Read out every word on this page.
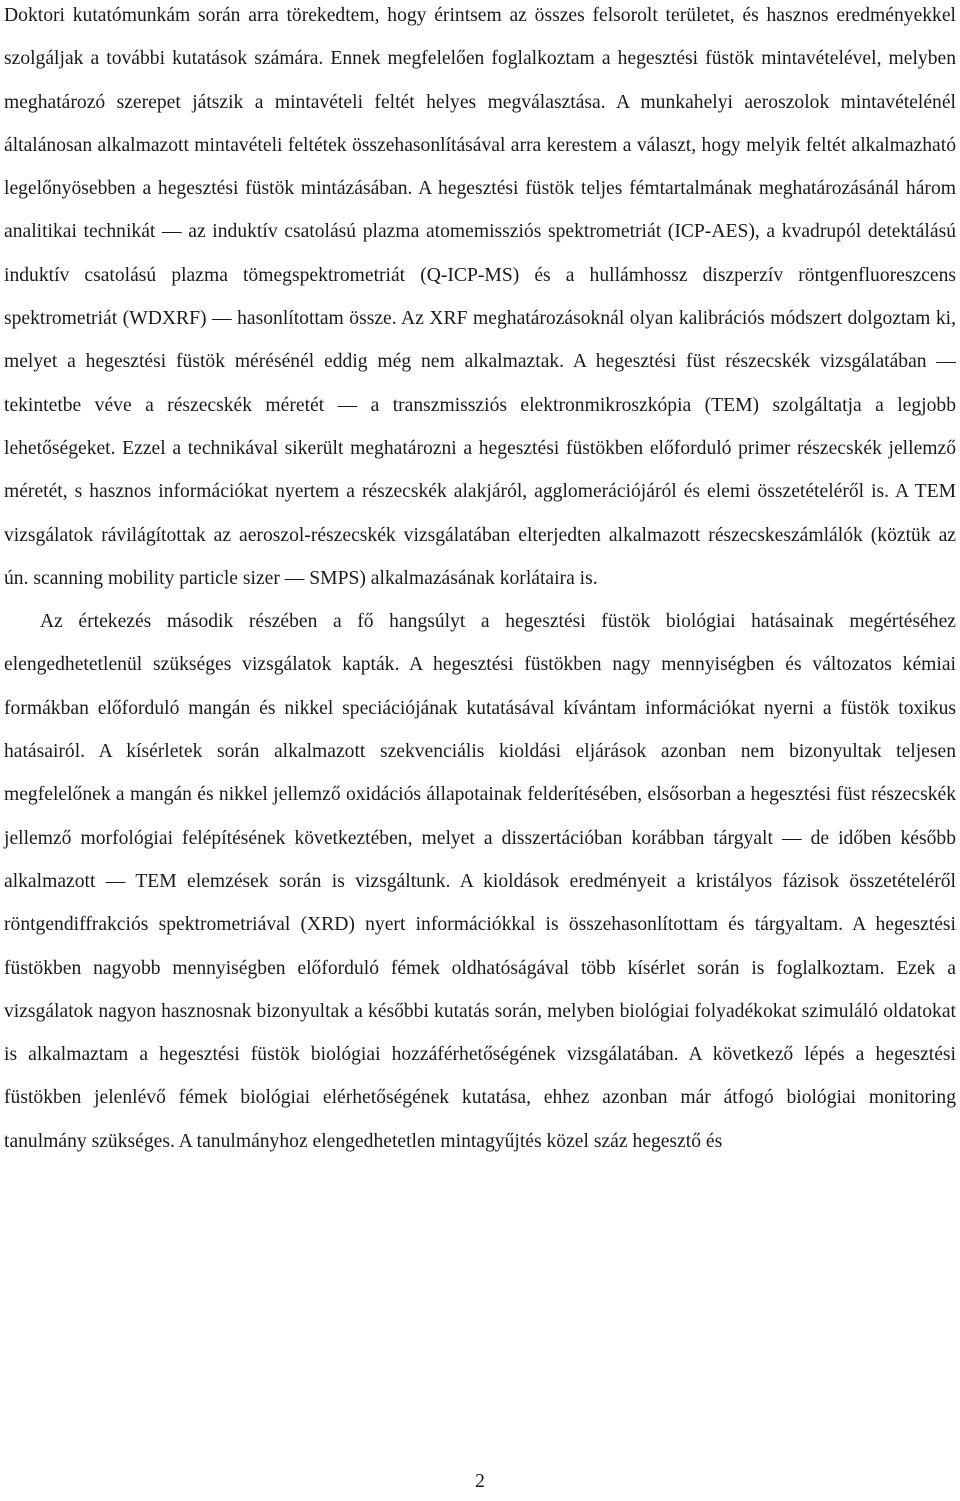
Doktori kutatómunkám során arra törekedtem, hogy érintsem az összes felsorolt területet, és hasznos eredményekkel szolgáljak a további kutatások számára. Ennek megfelelően foglalkoztam a hegesztési füstök mintavételével, melyben meghatározó szerepet játszik a mintavételi feltét helyes megválasztása. A munkahelyi aeroszolok mintavételénél általánosan alkalmazott mintavételi feltétek összehasonlításával arra kerestem a választ, hogy melyik feltét alkalmazható legelőnyösebben a hegesztési füstök mintázásában. A hegesztési füstök teljes fémtartalmának meghatározásánál három analitikai technikát — az induktív csatolású plazma atomemissziós spektrometriát (ICP-AES), a kvadrupól detektálású induktív csatolású plazma tömegspektrometriát (Q-ICP-MS) és a hullámhossz diszperzív röntgenfluoreszcens spektrometriát (WDXRF) — hasonlítottam össze. Az XRF meghatározásoknál olyan kalibrációs módszert dolgoztam ki, melyet a hegesztési füstök mérésénél eddig még nem alkalmaztak. A hegesztési füst részecskék vizsgálatában — tekintetbe véve a részecskék méretét — a transzmissziós elektronmikroszkópia (TEM) szolgáltatja a legjobb lehetőségeket. Ezzel a technikával sikerült meghatározni a hegesztési füstökben előforduló primer részecskék jellemző méretét, s hasznos információkat nyertem a részecskék alakjáról, agglomerációjáról és elemi összetételéről is. A TEM vizsgálatok rávilágítottak az aeroszol-részecskék vizsgálatában elterjedten alkalmazott részecskeszámlálók (köztük az ún. scanning mobility particle sizer — SMPS) alkalmazásának korlátaira is.

Az értekezés második részében a fő hangsúlyt a hegesztési füstök biológiai hatásainak megértéséhez elengedhetetlenül szükséges vizsgálatok kapták. A hegesztési füstökben nagy mennyiségben és változatos kémiai formákban előforduló mangán és nikkel speciációjának kutatásával kívántam információkat nyerni a füstök toxikus hatásairól. A kísérletek során alkalmazott szekvenciális kioldási eljárások azonban nem bizonyultak teljesen megfelelőnek a mangán és nikkel jellemző oxidációs állapotainak felderítésében, elsősorban a hegesztési füst részecskék jellemző morfológiai felépítésének következtében, melyet a disszertációban korábban tárgyalt — de időben később alkalmazott — TEM elemzések során is vizsgáltunk. A kioldások eredményeit a kristályos fázisok összetételéről röntgendiffrakciós spektrometriával (XRD) nyert információkkal is összehasonlítottam és tárgyaltam. A hegesztési füstökben nagyobb mennyiségben előforduló fémek oldhatóságával több kísérlet során is foglalkoztam. Ezek a vizsgálatok nagyon hasznosnak bizonyultak a későbbi kutatás során, melyben biológiai folyadékokat szimuláló oldatokat is alkalmaztam a hegesztési füstök biológiai hozzáférhetőségének vizsgálatában. A következő lépés a hegesztési füstökben jelenlévő fémek biológiai elérhetőségének kutatása, ehhez azonban már átfogó biológiai monitoring tanulmány szükséges. A tanulmányhoz elengedhetetlen mintagyűjtés közel száz hegesztő és

2
